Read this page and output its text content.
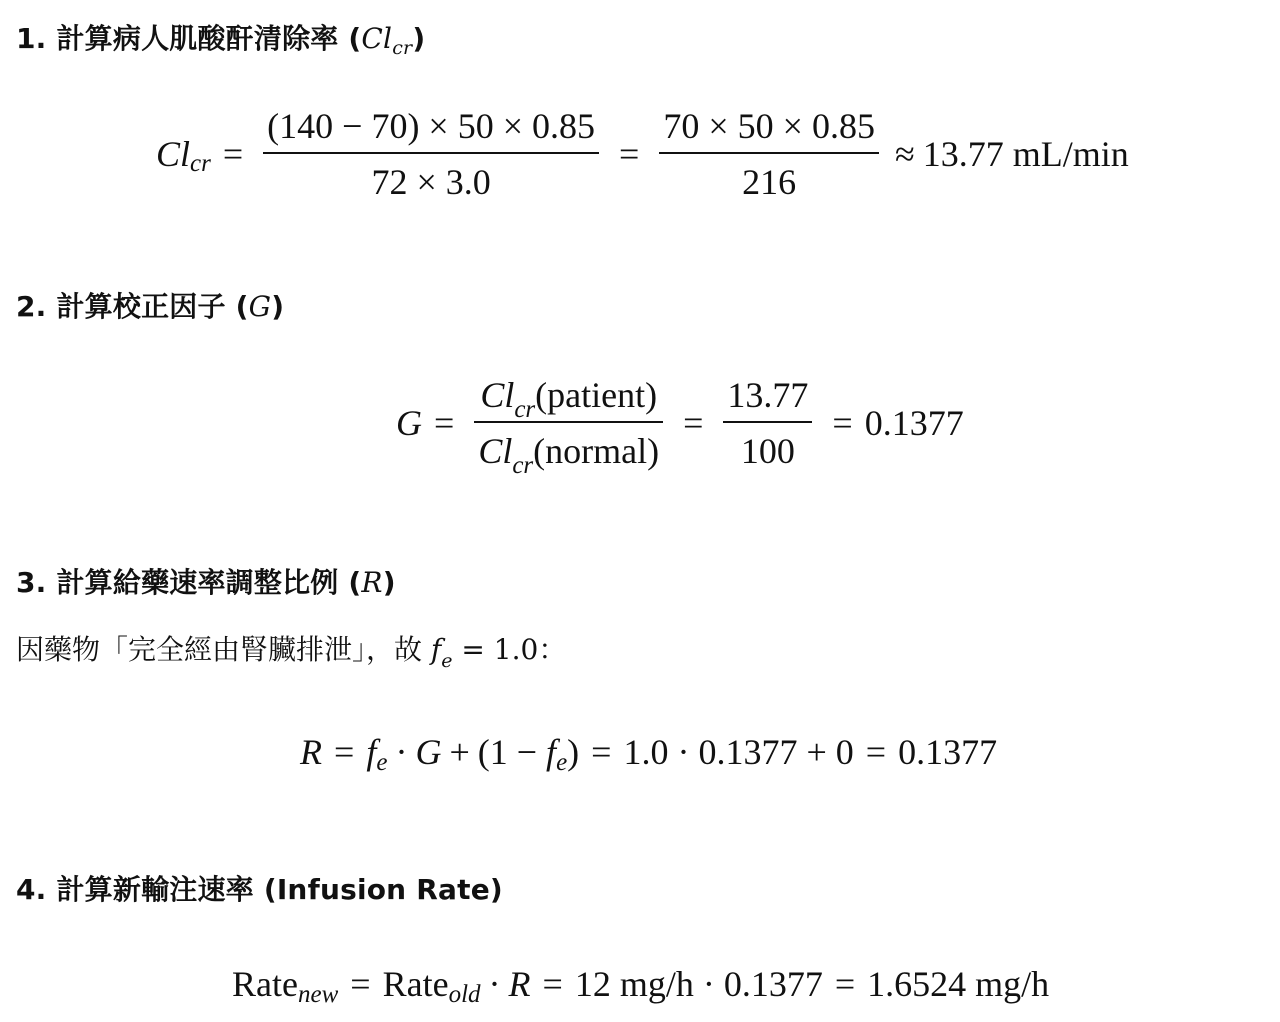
1. 計算病人肌酸酐清除率 $(Cl_{cr})$
Cl cr = $\frac{(140 - 70) \times 50 \times 0.85}{72 \times 3.0} = \frac{70 \times 50 \times 0.85}{216} \approx 13.77$ mL/min
2. 計算校正因子 (G)
$G = \frac{Cl_{cr}(patient)}{Cl_{cr}(normal)} = \frac{13.77}{100} = 0.1377$
3. 計算給藥速率調整比例 (R)
因藥物「完全經由腎臟排泄」，故 $f_e = 1.0$：
R = f e · G + (1 −
f e ) = 1.0 · 0.1377 + 0 = 0.1377
4. 計算新輸注速率 (Infusion Rate)
Rate new = Rate old · R = 12 mg/h · 0.1377 = 1.6524 mg/h
